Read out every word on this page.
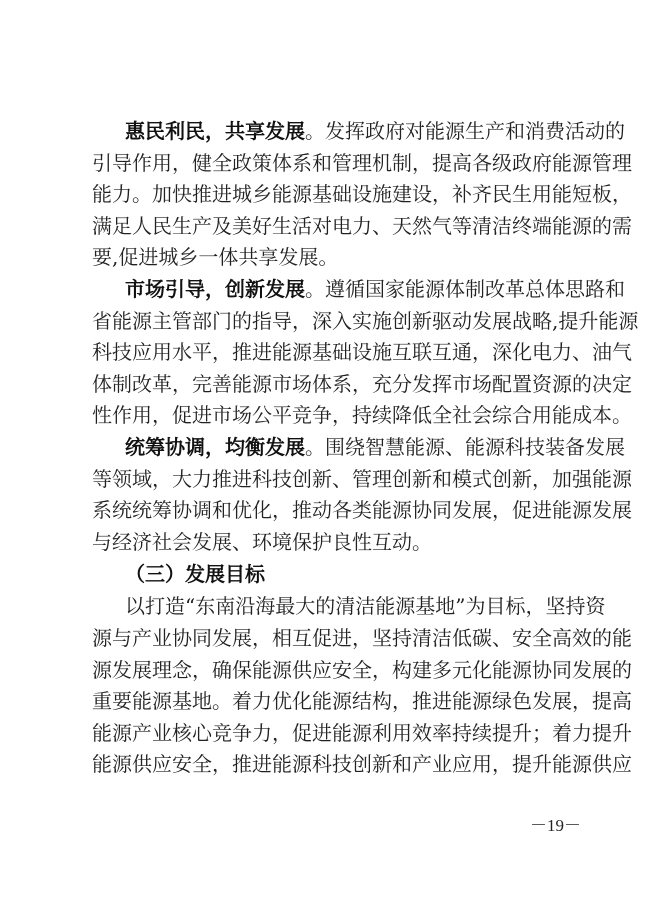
惠民利民，共享发展。发挥政府对能源生产和消费活动的
引导作用，健全政策体系和管理机制，提高各级政府能源管理
能力。加快推进城乡能源基础设施建设，补齐民生用能短板，
满足人民生产及美好生活对电力、天然气等清洁终端能源的需
要,促进城乡一体共享发展。
市场引导，创新发展。遵循国家能源体制改革总体思路和
省能源主管部门的指导，深入实施创新驱动发展战略,提升能源
科技应用水平，推进能源基础设施互联互通，深化电力、油气
体制改革，完善能源市场体系，充分发挥市场配置资源的决定
性作用，促进市场公平竞争，持续降低全社会综合用能成本。
统筹协调，均衡发展。围绕智慧能源、能源科技装备发展
等领域，大力推进科技创新、管理创新和模式创新，加强能源
系统统筹协调和优化，推动各类能源协同发展，促进能源发展
与经济社会发展、环境保护良性互动。
（三）发展目标
以打造“东南沿海最大的清洁能源基地”为目标，坚持资
源与产业协同发展，相互促进，坚持清洁低碳、安全高效的能
源发展理念，确保能源供应安全，构建多元化能源协同发展的
重要能源基地。着力优化能源结构，推进能源绿色发展，提高
能源产业核心竞争力，促进能源利用效率持续提升；着力提升
能源供应安全，推进能源科技创新和产业应用，提升能源供应
－19－
